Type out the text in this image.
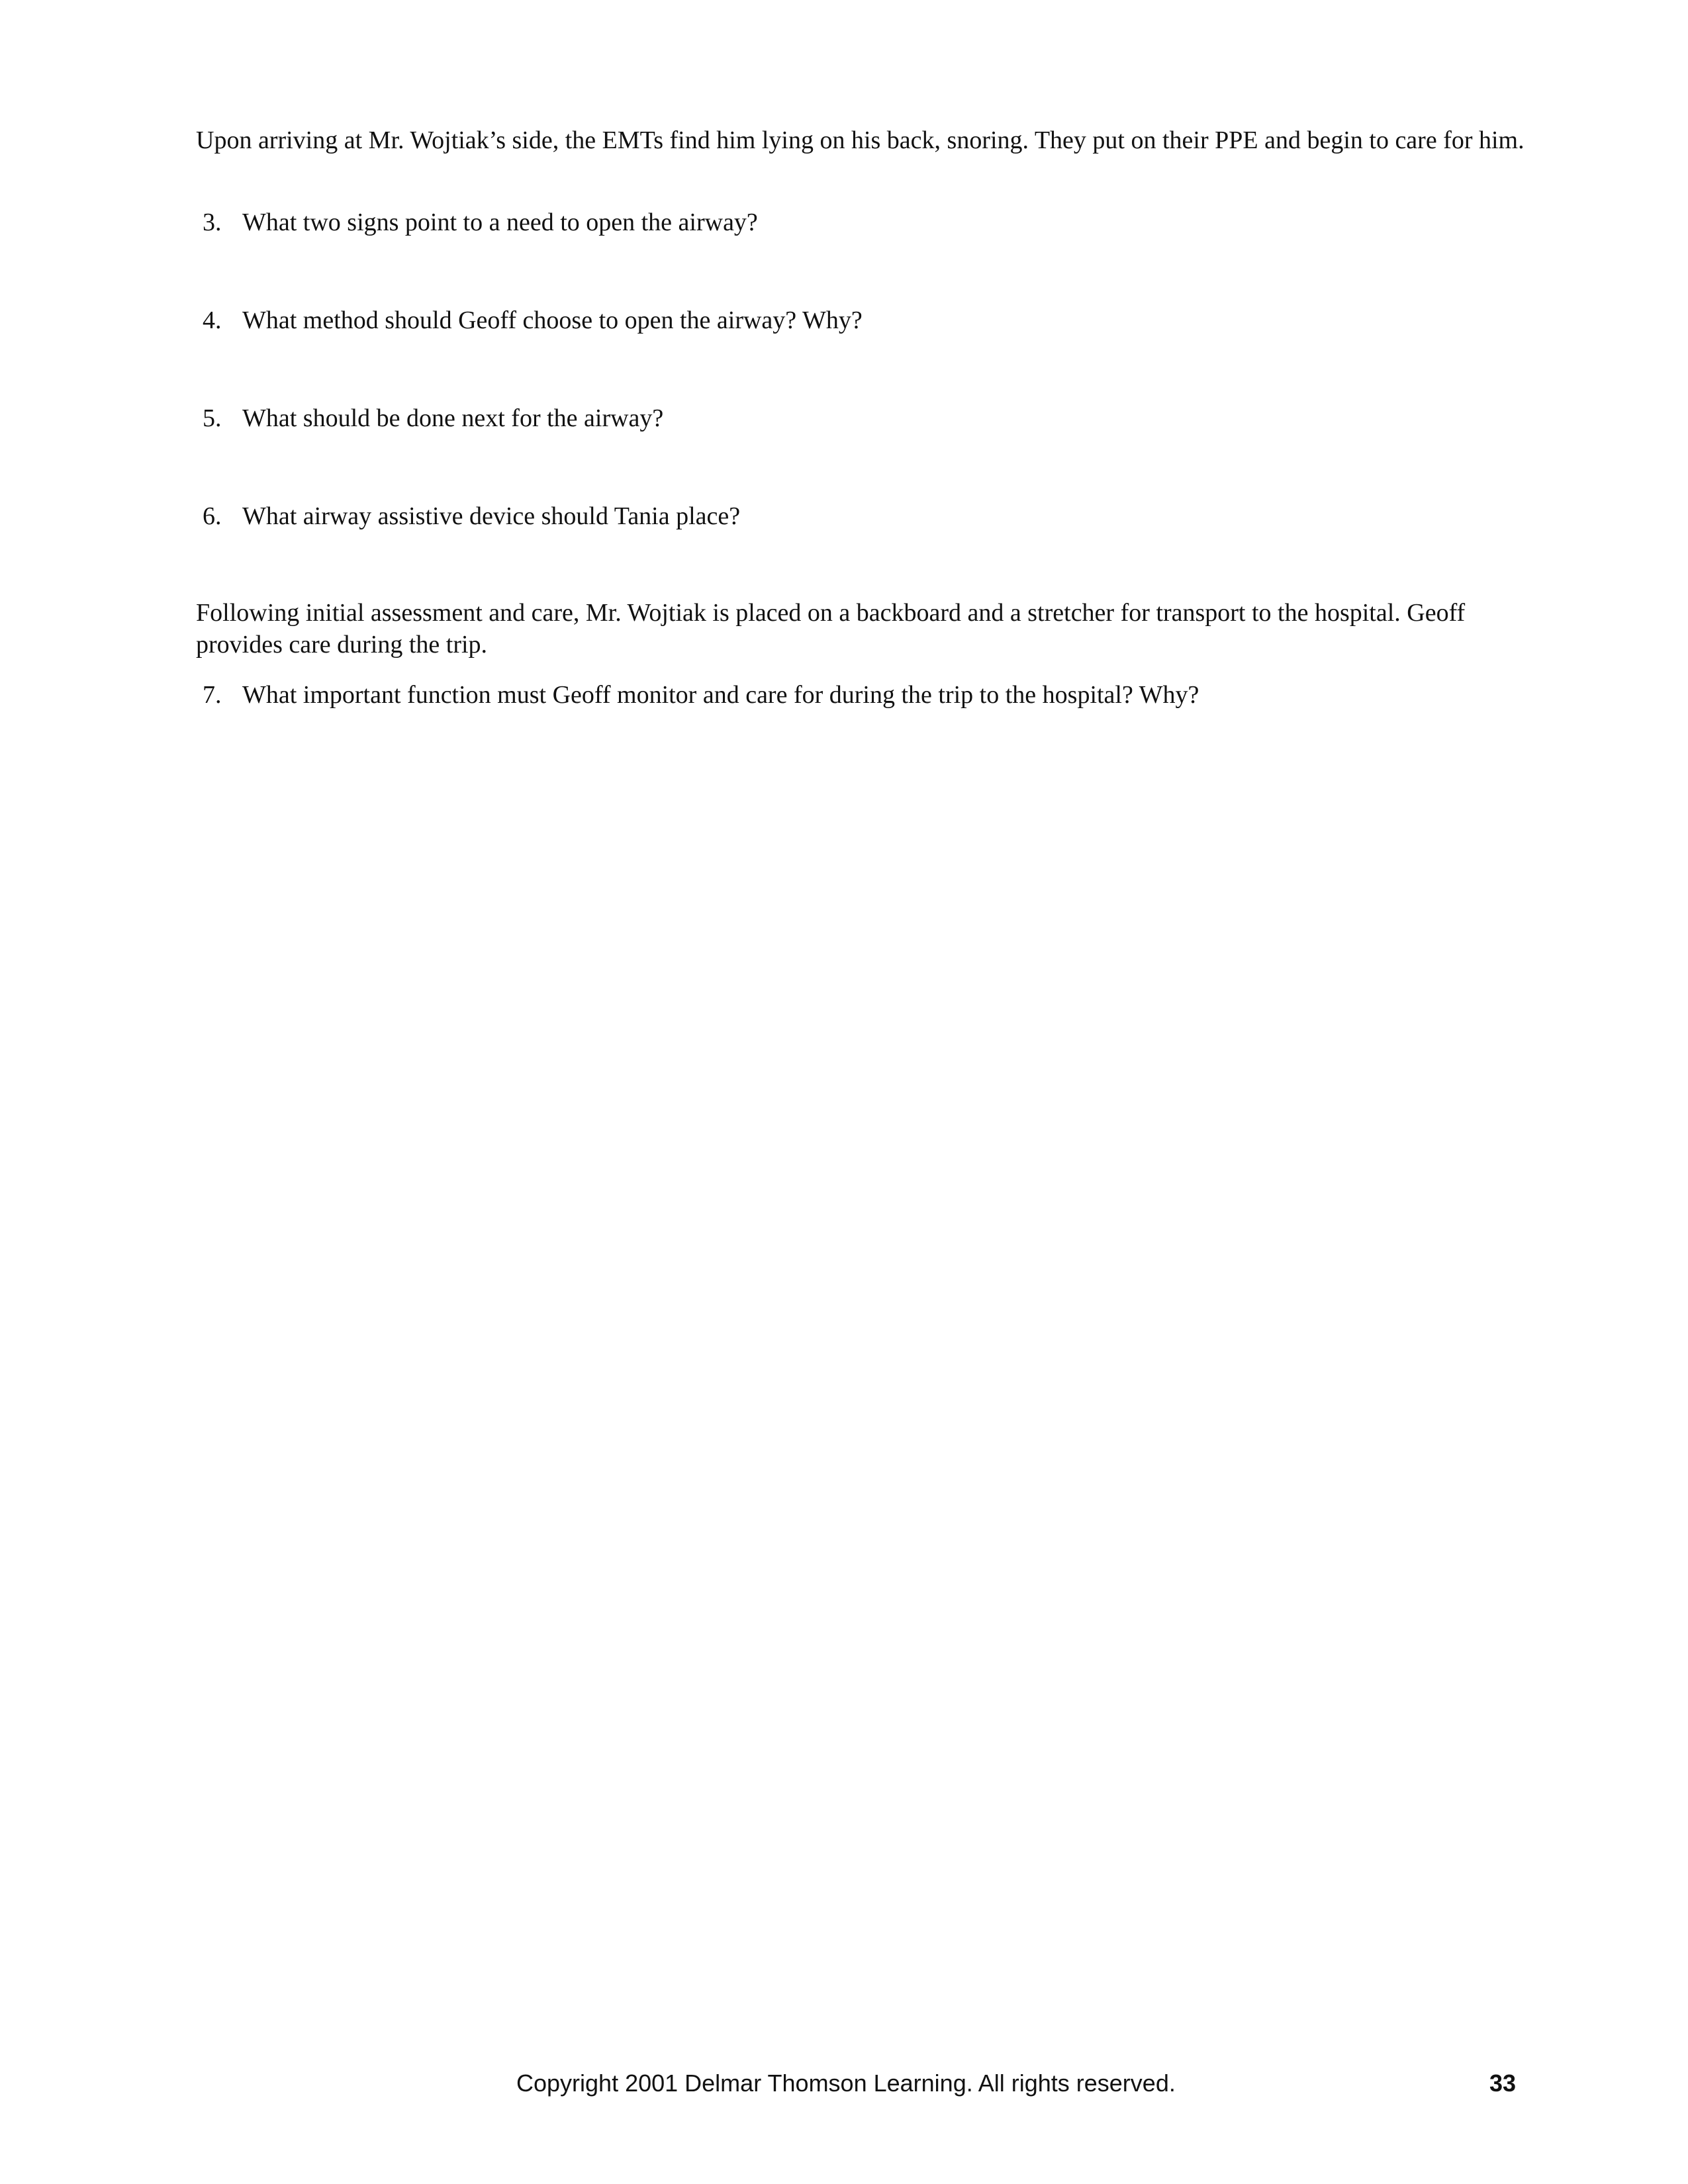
Upon arriving at Mr. Wojtiak’s side, the EMTs find him lying on his back, snoring. They put on their PPE and begin to care for him.

3. What two signs point to a need to open the airway?

4. What method should Geoff choose to open the airway? Why?

5. What should be done next for the airway?

6. What airway assistive device should Tania place?

Following initial assessment and care, Mr. Wojtiak is placed on a backboard and a stretcher for transport to the hospital. Geoff provides care during the trip.

7. What important function must Geoff monitor and care for during the trip to the hospital? Why?

Copyright 2001 Delmar Thomson Learning. All rights reserved.	33
